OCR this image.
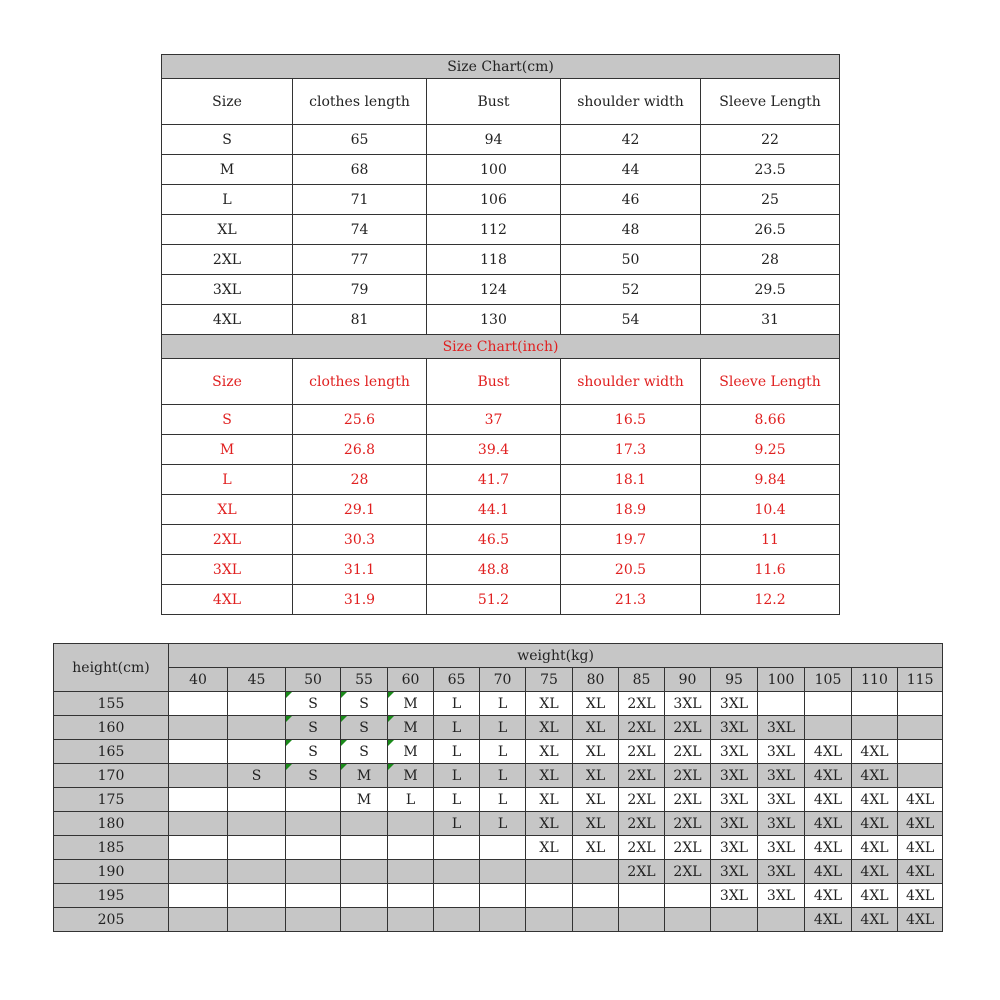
Size Chart(cm)				
Size	clothes length	Bust	shoulder width	Sleeve Length
S	65	94	42	22
M	68	100	44	23.5
L	71	106	46	25
XL	74	112	48	26.5
2XL	77	118	50	28
3XL	79	124	52	29.5
4XL	81	130	54	31
Size Chart(inch)				
Size	clothes length	Bust	shoulder width	Sleeve Length
S	25.6	37	16.5	8.66
M	26.8	39.4	17.3	9.25
L	28	41.7	18.1	9.84
XL	29.1	44.1	18.9	10.4
2XL	30.3	46.5	19.7	11
3XL	31.1	48.8	20.5	11.6
4XL	31.9	51.2	21.3	12.2
height(cm)	weight(kg)															
	40	45	50	55	60	65	70	75	80	85	90	95	100	105	110	115
155			S	S	M	L	L	XL	XL	2XL	3XL	3XL				
160			S	S	M	L	L	XL	XL	2XL	2XL	3XL	3XL			
165			S	S	M	L	L	XL	XL	2XL	2XL	3XL	3XL	4XL	4XL	
170		S	S	M	M	L	L	XL	XL	2XL	2XL	3XL	3XL	4XL	4XL	
175				M	L	L	L	XL	XL	2XL	2XL	3XL	3XL	4XL	4XL	4XL
180						L	L	XL	XL	2XL	2XL	3XL	3XL	4XL	4XL	4XL
185								XL	XL	2XL	2XL	3XL	3XL	4XL	4XL	4XL
190										2XL	2XL	3XL	3XL	4XL	4XL	4XL
195												3XL	3XL	4XL	4XL	4XL
205														4XL	4XL	4XL
